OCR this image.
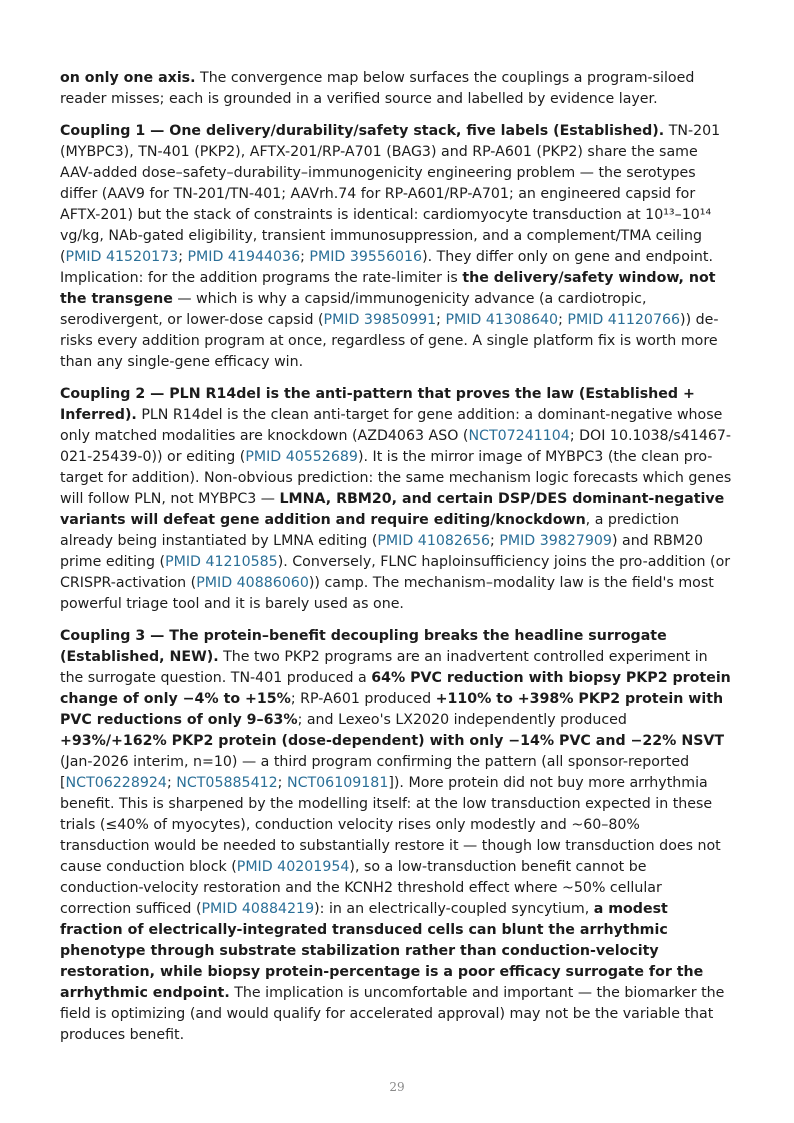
on only one axis. The convergence map below surfaces the couplings a program-siloed reader misses; each is grounded in a verified source and labelled by evidence layer.

Coupling 1 — One delivery/durability/safety stack, five labels (Established). TN-201 (MYBPC3), TN-401 (PKP2), AFTX-201/RP-A701 (BAG3) and RP-A601 (PKP2) share the same AAV-added dose–safety–durability–immunogenicity engineering problem — the serotypes differ (AAV9 for TN-201/TN-401; AAVrh.74 for RP-A601/RP-A701; an engineered capsid for AFTX-201) but the stack of constraints is identical: cardiomyocyte transduction at 10¹³–10¹⁴ vg/kg, NAb-gated eligibility, transient immunosuppression, and a complement/TMA ceiling (PMID 41520173; PMID 41944036; PMID 39556016). They differ only on gene and endpoint. Implication: for the addition programs the rate-limiter is the delivery/safety window, not the transgene — which is why a capsid/immunogenicity advance (a cardiotropic, serodivergent, or lower-dose capsid (PMID 39850991; PMID 41308640; PMID 41120766)) de-risks every addition program at once, regardless of gene. A single platform fix is worth more than any single-gene efficacy win.

Coupling 2 — PLN R14del is the anti-pattern that proves the law (Established + Inferred). PLN R14del is the clean anti-target for gene addition: a dominant-negative whose only matched modalities are knockdown (AZD4063 ASO (NCT07241104; DOI 10.1038/s41467-021-25439-0)) or editing (PMID 40552689). It is the mirror image of MYBPC3 (the clean pro-target for addition). Non-obvious prediction: the same mechanism logic forecasts which genes will follow PLN, not MYBPC3 — LMNA, RBM20, and certain DSP/DES dominant-negative variants will defeat gene addition and require editing/knockdown, a prediction already being instantiated by LMNA editing (PMID 41082656; PMID 39827909) and RBM20 prime editing (PMID 41210585). Conversely, FLNC haploinsufficiency joins the pro-addition (or CRISPR-activation (PMID 40886060)) camp. The mechanism–modality law is the field's most powerful triage tool and it is barely used as one.

Coupling 3 — The protein–benefit decoupling breaks the headline surrogate (Established, NEW). The two PKP2 programs are an inadvertent controlled experiment in the surrogate question. TN-401 produced a 64% PVC reduction with biopsy PKP2 protein change of only −4% to +15%; RP-A601 produced +110% to +398% PKP2 protein with PVC reductions of only 9–63%; and Lexeo's LX2020 independently produced +93%/+162% PKP2 protein (dose-dependent) with only −14% PVC and −22% NSVT (Jan-2026 interim, n=10) — a third program confirming the pattern (all sponsor-reported [NCT06228924; NCT05885412; NCT06109181]). More protein did not buy more arrhythmia benefit. This is sharpened by the modelling itself: at the low transduction expected in these trials (≤40% of myocytes), conduction velocity rises only modestly and ~60–80% transduction would be needed to substantially restore it — though low transduction does not cause conduction block (PMID 40201954), so a low-transduction benefit cannot be conduction-velocity restoration and the KCNH2 threshold effect where ~50% cellular correction sufficed (PMID 40884219): in an electrically-coupled syncytium, a modest fraction of electrically-integrated transduced cells can blunt the arrhythmic phenotype through substrate stabilization rather than conduction-velocity restoration, while biopsy protein-percentage is a poor efficacy surrogate for the arrhythmic endpoint. The implication is uncomfortable and important — the biomarker the field is optimizing (and would qualify for accelerated approval) may not be the variable that produces benefit.

29
